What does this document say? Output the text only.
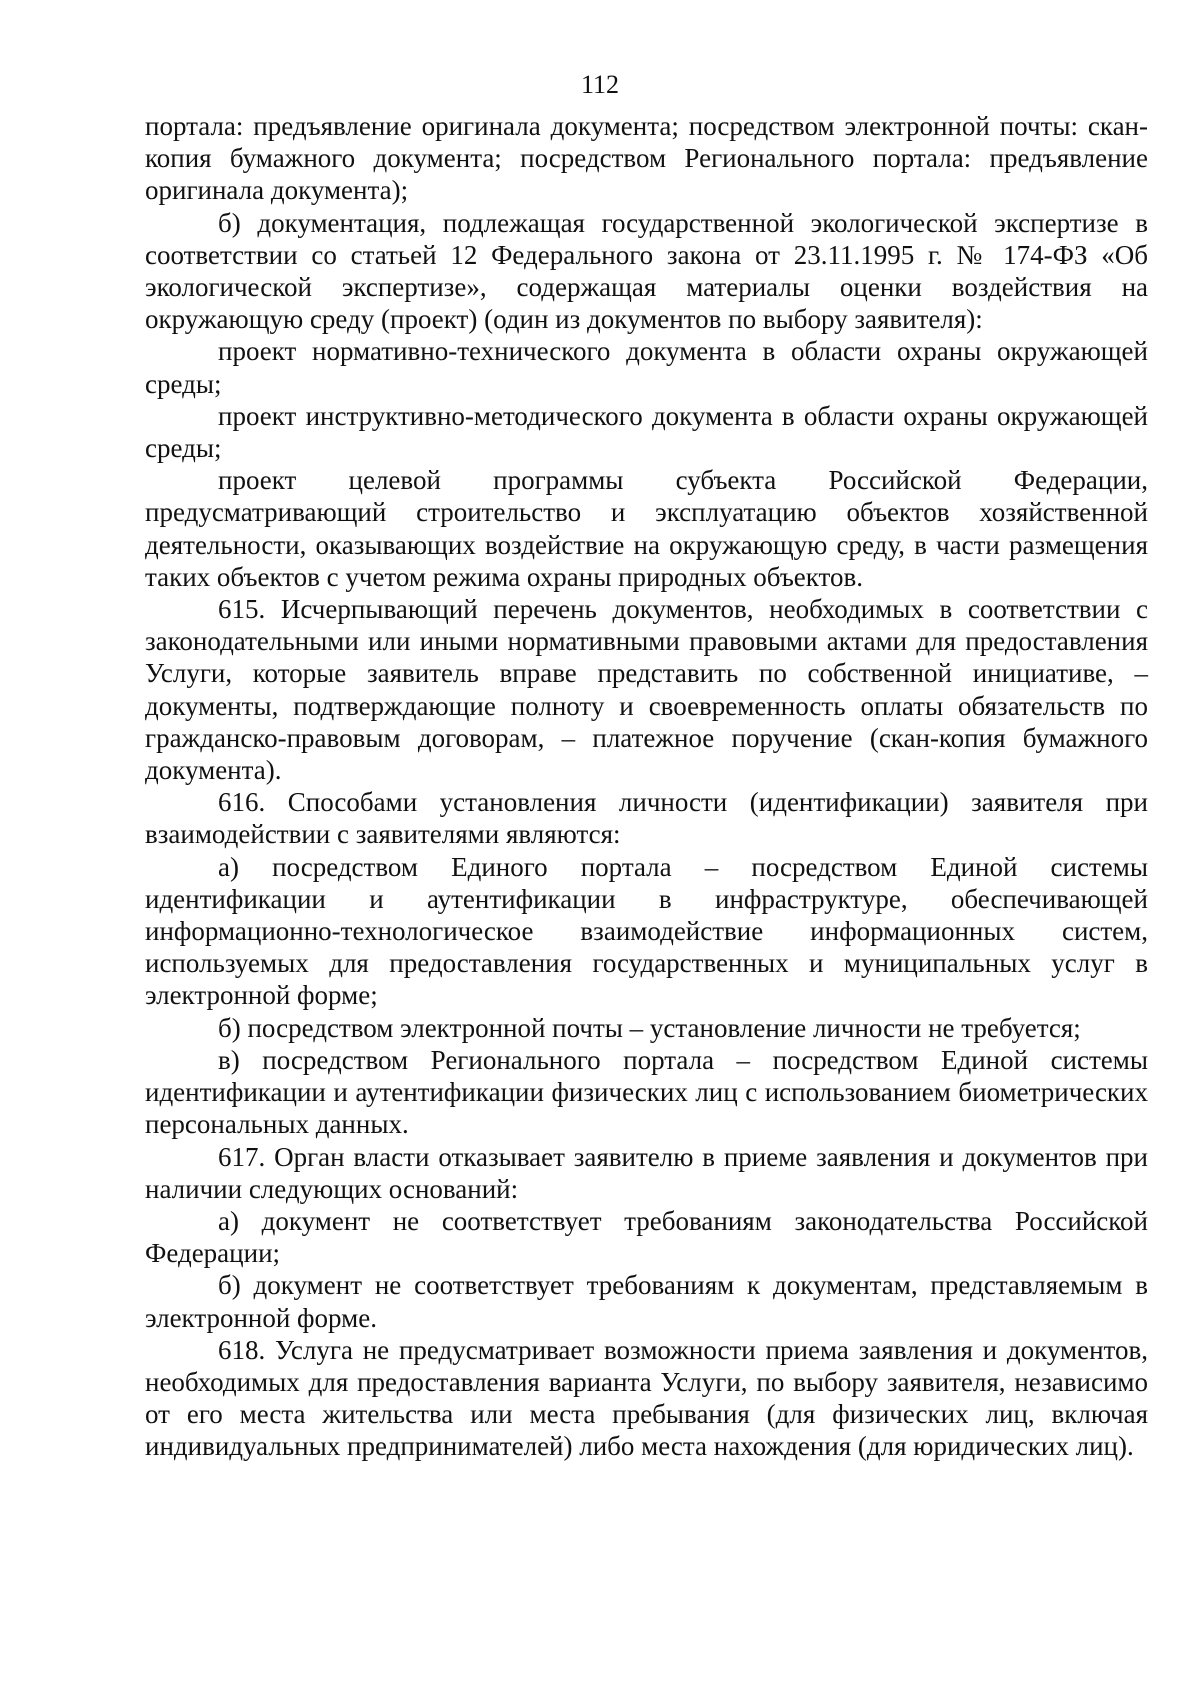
112

портала: предъявление оригинала документа; посредством электронной почты: скан-копия бумажного документа; посредством Регионального портала: предъявление оригинала документа);

б) документация, подлежащая государственной экологической экспертизе в соответствии со статьей 12 Федерального закона от 23.11.1995 г. № 174-ФЗ «Об экологической экспертизе», содержащая материалы оценки воздействия на окружающую среду (проект) (один из документов по выбору заявителя):

проект нормативно-технического документа в области охраны окружающей среды;

проект инструктивно-методического документа в области охраны окружающей среды;

проект целевой программы субъекта Российской Федерации, предусматривающий строительство и эксплуатацию объектов хозяйственной деятельности, оказывающих воздействие на окружающую среду, в части размещения таких объектов с учетом режима охраны природных объектов.

615. Исчерпывающий перечень документов, необходимых в соответствии с законодательными или иными нормативными правовыми актами для предоставления Услуги, которые заявитель вправе представить по собственной инициативе, – документы, подтверждающие полноту и своевременность оплаты обязательств по гражданско-правовым договорам, – платежное поручение (скан-копия бумажного документа).

616. Способами установления личности (идентификации) заявителя при взаимодействии с заявителями являются:

а) посредством Единого портала – посредством Единой системы идентификации и аутентификации в инфраструктуре, обеспечивающей информационно-технологическое взаимодействие информационных систем, используемых для предоставления государственных и муниципальных услуг в электронной форме;

б) посредством электронной почты – установление личности не требуется;

в) посредством Регионального портала – посредством Единой системы идентификации и аутентификации физических лиц с использованием биометрических персональных данных.

617. Орган власти отказывает заявителю в приеме заявления и документов при наличии следующих оснований:

а) документ не соответствует требованиям законодательства Российской Федерации;

б) документ не соответствует требованиям к документам, представляемым в электронной форме.

618. Услуга не предусматривает возможности приема заявления и документов, необходимых для предоставления варианта Услуги, по выбору заявителя, независимо от его места жительства или места пребывания (для физических лиц, включая индивидуальных предпринимателей) либо места нахождения (для юридических лиц).
